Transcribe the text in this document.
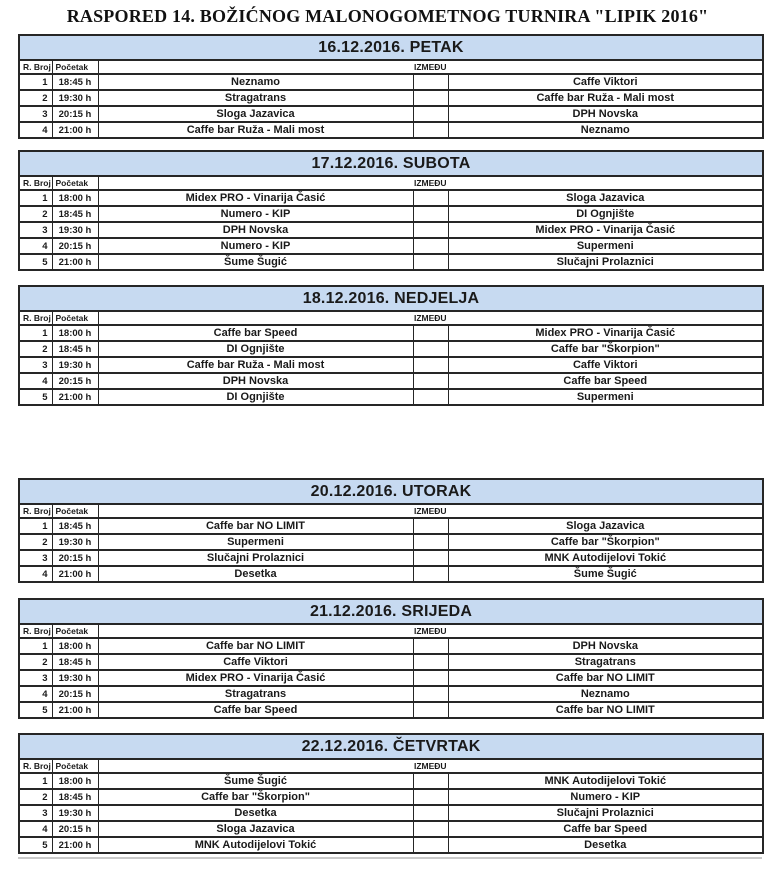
RASPORED 14. BOŽIĆNOG MALONOGOMETNOG TURNIRA "LIPIK 2016"
16.12.2016. PETAK				
R. Broj	Početak	IZMEĐU		
1	18:45 h	Neznamo		Caffe Viktori
2	19:30 h	Stragatrans		Caffe bar Ruža - Mali most
3	20:15 h	Sloga Jazavica		DPH Novska
4	21:00 h	Caffe bar Ruža - Mali most		Neznamo
17.12.2016. SUBOTA				
R. Broj	Početak	IZMEĐU		
1	18:00 h	Midex PRO - Vinarija Časić		Sloga Jazavica
2	18:45 h	Numero - KIP		DI Ognjište
3	19:30 h	DPH Novska		Midex PRO - Vinarija Časić
4	20:15 h	Numero - KIP		Supermeni
5	21:00 h	Šume Šugić		Slučajni Prolaznici
18.12.2016. NEDJELJA				
R. Broj	Početak	IZMEĐU		
1	18:00 h	Caffe bar Speed		Midex PRO - Vinarija Časić
2	18:45 h	DI Ognjište		Caffe bar "Škorpion"
3	19:30 h	Caffe bar Ruža - Mali most		Caffe Viktori
4	20:15 h	DPH Novska		Caffe bar Speed
5	21:00 h	DI Ognjište		Supermeni
20.12.2016. UTORAK				
R. Broj	Početak	IZMEĐU		
1	18:45 h	Caffe bar NO LIMIT		Sloga Jazavica
2	19:30 h	Supermeni		Caffe bar "Škorpion"
3	20:15 h	Slučajni Prolaznici		MNK Autodijelovi Tokić
4	21:00 h	Desetka		Šume Šugić
21.12.2016. SRIJEDA				
R. Broj	Početak	IZMEĐU		
1	18:00 h	Caffe bar NO LIMIT		DPH Novska
2	18:45 h	Caffe Viktori		Stragatrans
3	19:30 h	Midex PRO - Vinarija Časić		Caffe bar NO LIMIT
4	20:15 h	Stragatrans		Neznamo
5	21:00 h	Caffe bar Speed		Caffe bar NO LIMIT
22.12.2016. ČETVRTAK				
R. Broj	Početak	IZMEĐU		
1	18:00 h	Šume Šugić		MNK Autodijelovi Tokić
2	18:45 h	Caffe bar "Škorpion"		Numero - KIP
3	19:30 h	Desetka		Slučajni Prolaznici
4	20:15 h	Sloga Jazavica		Caffe bar Speed
5	21:00 h	MNK Autodijelovi Tokić		Desetka
